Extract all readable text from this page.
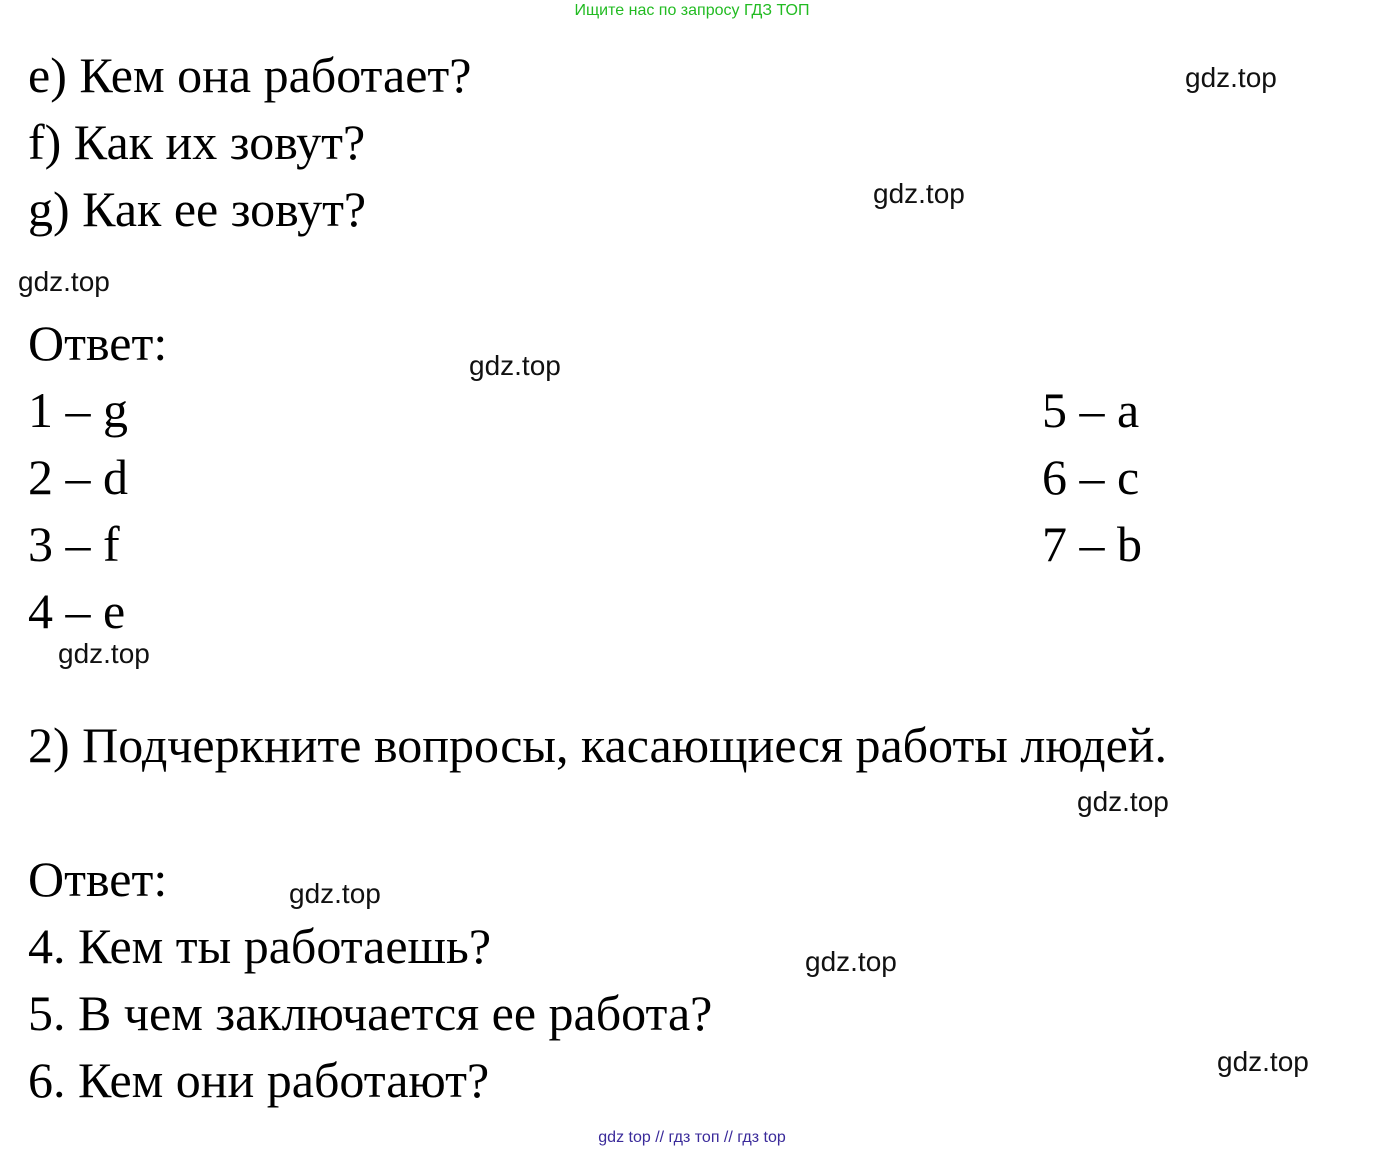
Ищите нас по запросу ГДЗ ТОП
e) Кем она работает?
f) Как их зовут?
g) Как ее зовут?
Ответ:
1 – g
2 – d
3 – f
4 – e
5 – a
6 – c
7 – b
2) Подчеркните вопросы, касающиеся работы людей.
Ответ:
4. Кем ты работаешь?
5. В чем заключается ее работа?
6. Кем они работают?
gdz.top
gdz.top
gdz.top
gdz.top
gdz.top
gdz.top
gdz.top
gdz.top
gdz.top
gdz top // гдз топ // гдз top
